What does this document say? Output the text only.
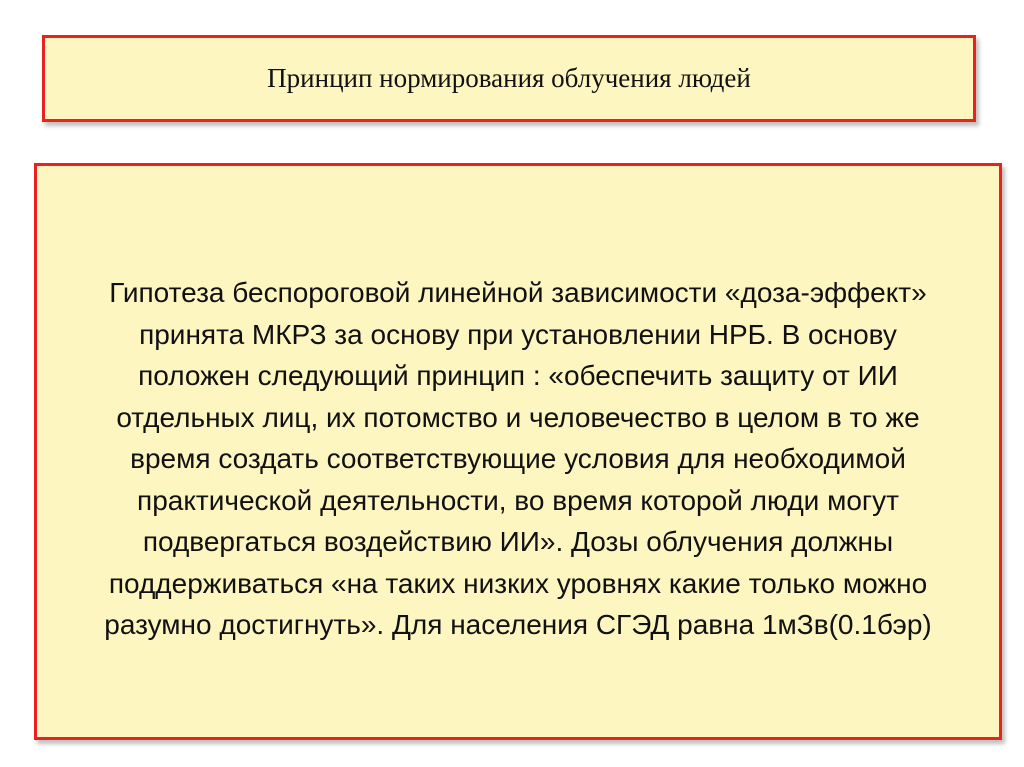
Принцип нормирования облучения людей

Гипотеза беспороговой линейной зависимости «доза-эффект»
принята МКРЗ за основу при установлении НРБ. В основу
положен следующий принцип : «обеспечить защиту от ИИ
отдельных лиц, их потомство и человечество в целом в то же
время создать соответствующие условия для необходимой
практической деятельности, во время которой люди могут
подвергаться воздействию ИИ». Дозы облучения должны
поддерживаться «на таких низких уровнях какие только можно
разумно достигнуть». Для населения СГЭД равна 1мЗв(0.1бэр)
